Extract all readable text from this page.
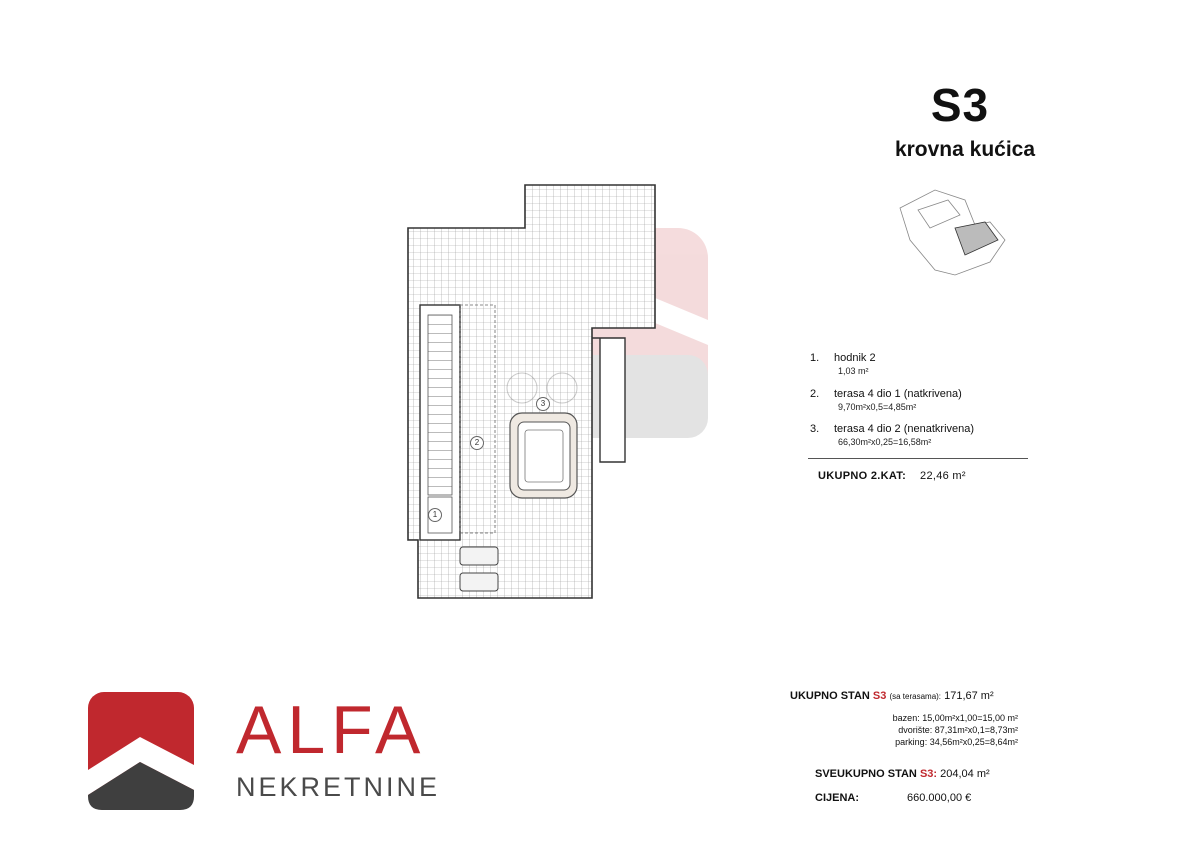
1
2
3
S3
krovna kućica
1. hodnik 2
1,03 m²
2. terasa 4 dio 1 (natkrivena)
9,70m²x0,5=4,85m²
3. terasa 4 dio 2 (nenatkrivena)
66,30m²x0,25=16,58m²
UKUPNO 2.KAT: 22,46 m²
UKUPNO STAN S3 (sa terasama): 171,67 m²
bazen: 15,00m²x1,00=15,00 m²
dvorište: 87,31m²x0,1=8,73m²
parking: 34,56m²x0,25=8,64m²
SVEUKUPNO STAN S3: 204,04 m²
CIJENA:	660.000,00 €
ALFA
NEKRETNINE
